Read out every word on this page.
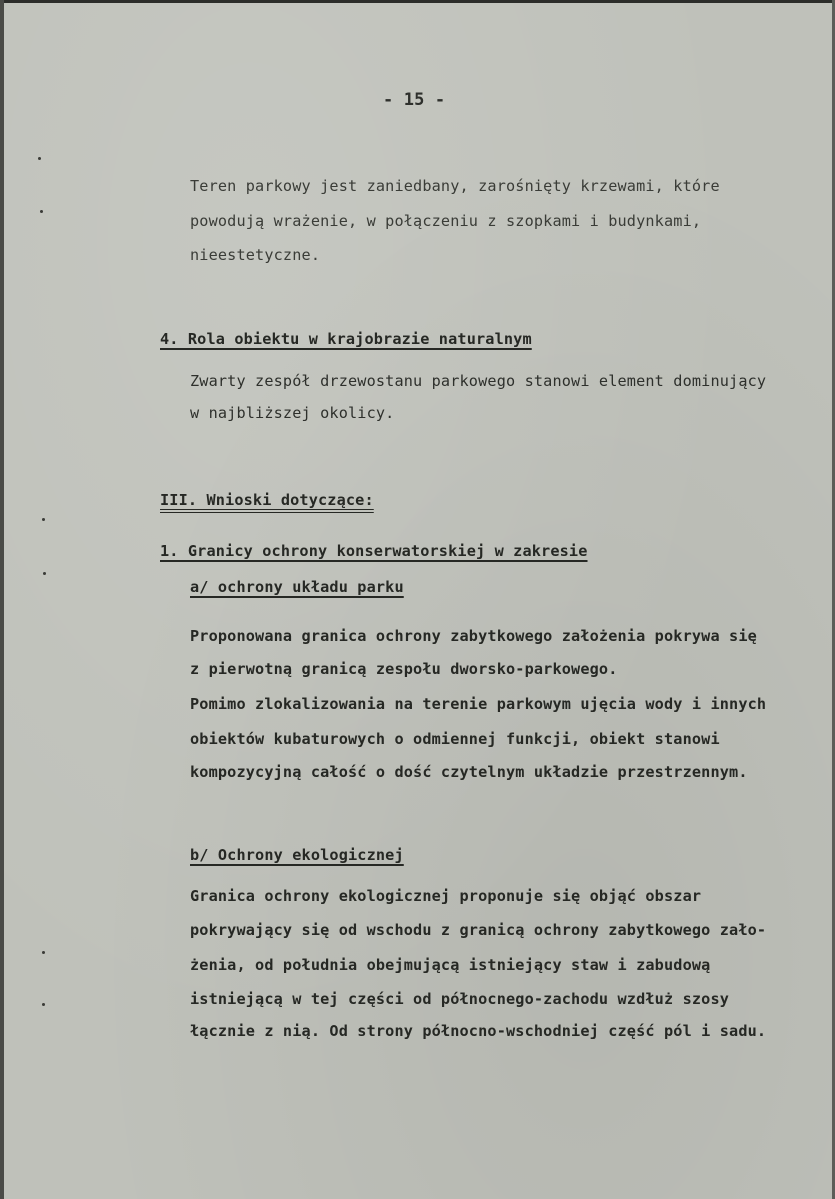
- 15 -
Teren parkowy jest zaniedbany, zarośnięty krzewami, które
powodują wrażenie, w połączeniu z szopkami i budynkami,
nieestetyczne.
4. Rola obiektu w krajobrazie naturalnym
Zwarty zespół drzewostanu parkowego stanowi element dominujący
w najbliższej okolicy.
III. Wnioski dotyczące:
1. Granicy ochrony konserwatorskiej w zakresie
a/ ochrony układu parku
Proponowana granica ochrony zabytkowego założenia pokrywa się
z pierwotną granicą zespołu dworsko-parkowego.
Pomimo zlokalizowania na terenie parkowym ujęcia wody i innych
obiektów kubaturowych o odmiennej funkcji, obiekt stanowi
kompozycyjną całość o dość czytelnym układzie przestrzennym.
b/ Ochrony ekologicznej
Granica ochrony ekologicznej proponuje się objąć obszar
pokrywający się od wschodu z granicą ochrony zabytkowego zało-
żenia, od południa obejmującą istniejący staw i zabudową
istniejącą w tej części od północnego-zachodu wzdłuż szosy
łącznie z nią. Od strony północno-wschodniej część pól i sadu.
